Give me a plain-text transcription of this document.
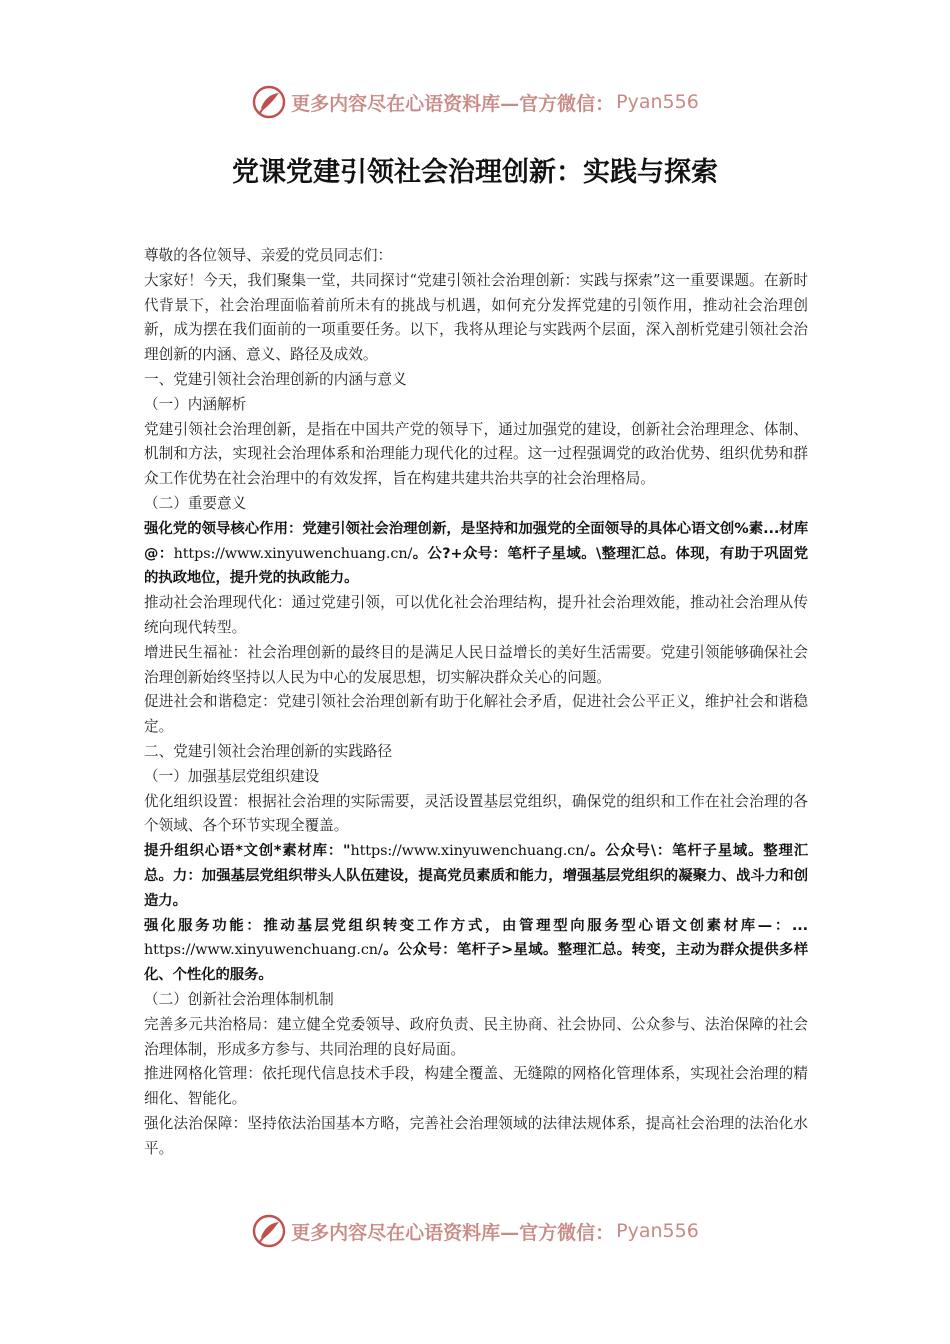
更多内容尽在心语资料库—官方微信： Pyan556
党课党建引领社会治理创新：实践与探索

尊敬的各位领导、亲爱的党员同志们：

大家好！今天，我们聚集一堂，共同探讨“党建引领社会治理创新：实践与探索”这一重要课题。在新时代背景下，社会治理面临着前所未有的挑战与机遇，如何充分发挥党建的引领作用，推动社会治理创新，成为摆在我们面前的一项重要任务。以下，我将从理论与实践两个层面，深入剖析党建引领社会治理创新的内涵、意义、路径及成效。

一、党建引领社会治理创新的内涵与意义

（一）内涵解析

党建引领社会治理创新，是指在中国共产党的领导下，通过加强党的建设，创新社会治理理念、体制、机制和方法，实现社会治理体系和治理能力现代化的过程。这一过程强调党的政治优势、组织优势和群众工作优势在社会治理中的有效发挥，旨在构建共建共治共享的社会治理格局。

（二）重要意义

强化党的领导核心作用：党建引领社会治理创新，是坚持和加强党的全面领导的具体心语文创%素...材库@：https://www.xinyuwenchuang.cn/。公?+众号：笔杆子星域。\整理汇总。体现，有助于巩固党的执政地位，提升党的执政能力。

推动社会治理现代化：通过党建引领，可以优化社会治理结构，提升社会治理效能，推动社会治理从传统向现代转型。

增进民生福祉：社会治理创新的最终目的是满足人民日益增长的美好生活需要。党建引领能够确保社会治理创新始终坚持以人民为中心的发展思想，切实解决群众关心的问题。

促进社会和谐稳定：党建引领社会治理创新有助于化解社会矛盾，促进社会公平正义，维护社会和谐稳定。

二、党建引领社会治理创新的实践路径

（一）加强基层党组织建设

优化组织设置：根据社会治理的实际需要，灵活设置基层党组织，确保党的组织和工作在社会治理的各个领域、各个环节实现全覆盖。

提升组织心语*文创*素材库："https://www.xinyuwenchuang.cn/。公众号\：笔杆子星域。整理汇总。力：加强基层党组织带头人队伍建设，提高党员素质和能力，增强基层党组织的凝聚力、战斗力和创造力。

强化服务功能：推动基层党组织转变工作方式，由管理型向服务型心语文创素材库—：... https://www.xinyuwenchuang.cn/。公众号：笔杆子>星域。整理汇总。转变，主动为群众提供多样化、个性化的服务。

（二）创新社会治理体制机制

完善多元共治格局：建立健全党委领导、政府负责、民主协商、社会协同、公众参与、法治保障的社会治理体制，形成多方参与、共同治理的良好局面。

推进网格化管理：依托现代信息技术手段，构建全覆盖、无缝隙的网格化管理体系，实现社会治理的精细化、智能化。

强化法治保障：坚持依法治国基本方略，完善社会治理领域的法律法规体系，提高社会治理的法治化水平。

更多内容尽在心语资料库—官方微信： Pyan556
